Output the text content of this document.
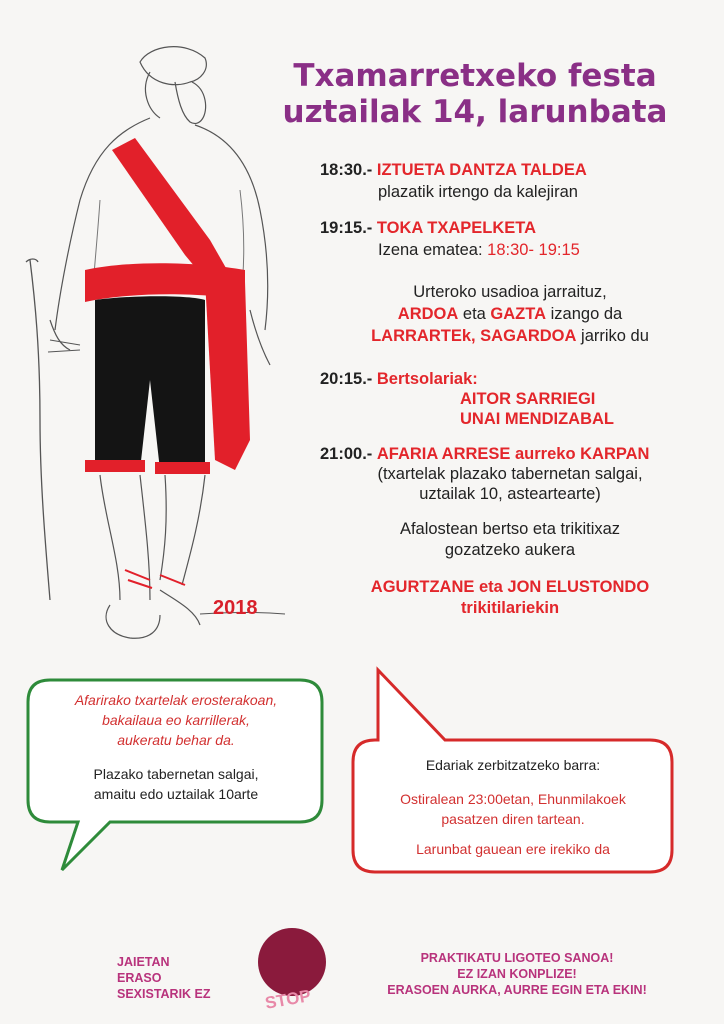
Txamarretxeko festa
uztailak 14, larunbata
2018
18:30.- IZTUETA DANTZA TALDEA
plazatik irtengo da kalejiran
19:15.- TOKA TXAPELKETA
Izena ematea: 18:30- 19:15
Urteroko usadioa jarraituz,
ARDOA eta GAZTA izango da
LARRARTEk, SAGARDOA jarriko du
20:15.- Bertsolariak:
AITOR SARRIEGI
UNAI MENDIZABAL
21:00.- AFARIA ARRESE aurreko KARPAN
(txartelak plazako tabernetan salgai,
uztailak 10, asteartearte)
Afalostean bertso eta trikitixaz
gozatzeko aukera
AGURTZANE eta JON ELUSTONDO
trikitilariekin
Afarirako txartelak erosterakoan,
bakailaua eo karrillerak,
aukeratu behar da.
Plazako tabernetan salgai,
amaitu edo uztailak 10arte
Edariak zerbitzatzeko barra:
Ostiralean 23:00etan, Ehunmilakoek
pasatzen diren tartean.
Larunbat gauean ere irekiko da
JAIETAN
ERASO
SEXISTARIK EZ	STOP
PRAKTIKATU LIGOTEO SANOA!
EZ IZAN KONPLIZE!
ERASOEN AURKA, AURRE EGIN ETA EKIN!
